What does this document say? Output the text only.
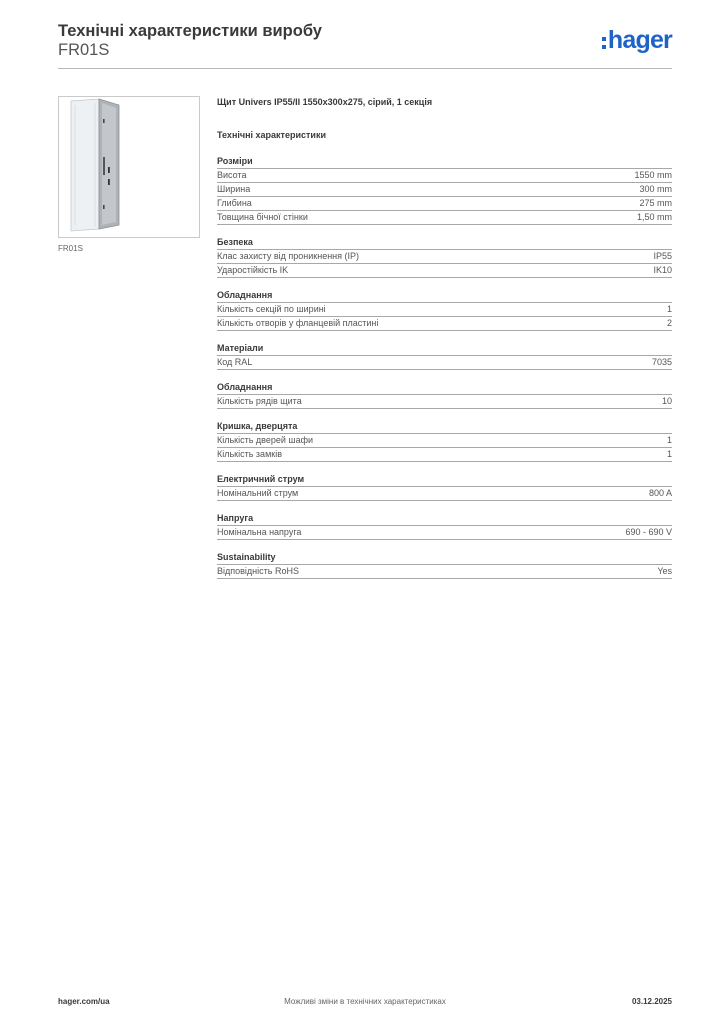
Технічні характеристики виробу
FR01S	hager
FR01S
Щит Univers IP55/II 1550x300x275, сірий, 1 секція
Технічні характеристики
Розміри
Висота	1550 mm
Ширина	300 mm
Глибина	275 mm
Товщина бічної стінки	1,50 mm
Безпека
Клас захисту від проникнення (IP)	IP55
Ударостійкість IK	IK10
Обладнання
Кількість секцій по ширині	1
Кількість отворів у фланцевій пластині	2
Матеріали
Код RAL	7035
Обладнання
Кількість рядів щита	10
Кришка, дверцята
Кількість дверей шафи	1
Кількість замків	1
Електричний струм
Номінальний струм	800 A
Напруга
Номінальна напруга	690 - 690 V
Sustainability
Відповідність RoHS	Yes
hager.com/ua	Можливі зміни в технічних характеристиках	03.12.2025
